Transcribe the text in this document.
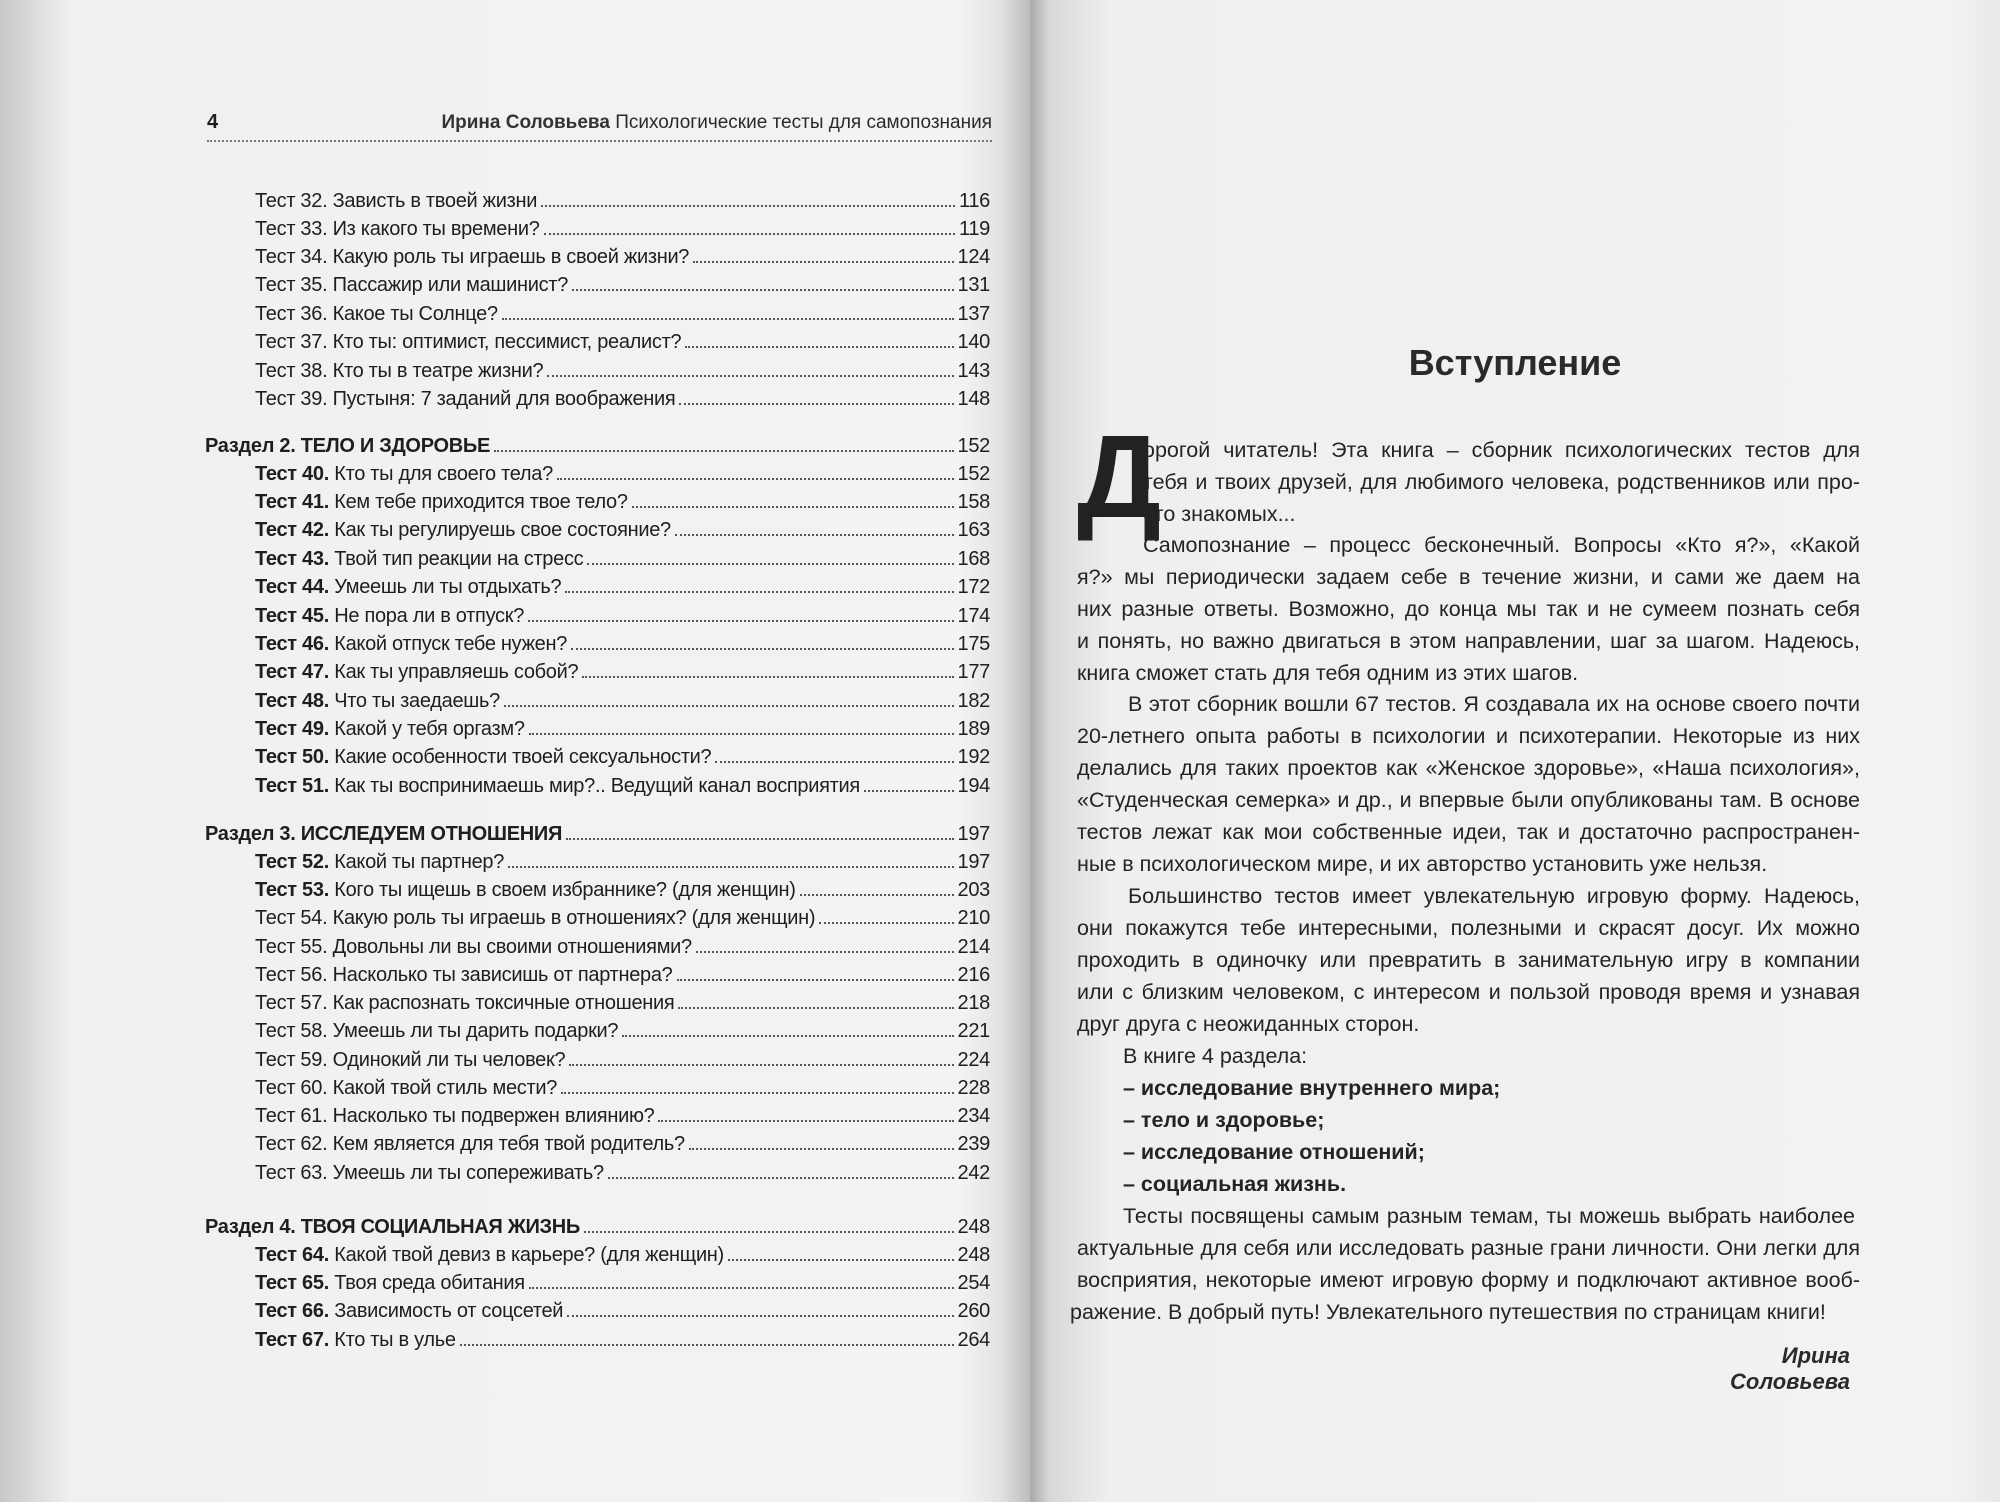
4	Ирина Соловьева Психологические тесты для самопознания
Тест 32. Зависть в твоей жизни	116
Тест 33. Из какого ты времени?	119
Тест 34. Какую роль ты играешь в своей жизни?	124
Тест 35. Пассажир или машинист?	131
Тест 36. Какое ты Солнце?	137
Тест 37. Кто ты: оптимист, пессимист, реалист?	140
Тест 38. Кто ты в театре жизни?	143
Тест 39. Пустыня: 7 заданий для воображения	148
Раздел 2. ТЕЛО И ЗДОРОВЬЕ	152
Тест 40. Кто ты для своего тела?	152
Тест 41. Кем тебе приходится твое тело?	158
Тест 42. Как ты регулируешь свое состояние?	163
Тест 43. Твой тип реакции на стресс	168
Тест 44. Умеешь ли ты отдыхать?	172
Тест 45. Не пора ли в отпуск?	174
Тест 46. Какой отпуск тебе нужен?	175
Тест 47. Как ты управляешь собой?	177
Тест 48. Что ты заедаешь?	182
Тест 49. Какой у тебя оргазм?	189
Тест 50. Какие особенности твоей сексуальности?	192
Тест 51. Как ты воспринимаешь мир?.. Ведущий канал восприятия	194
Раздел 3. ИССЛЕДУЕМ ОТНОШЕНИЯ	197
Тест 52. Какой ты партнер?	197
Тест 53. Кого ты ищешь в своем избраннике? (для женщин)	203
Тест 54. Какую роль ты играешь в отношениях? (для женщин)	210
Тест 55. Довольны ли вы своими отношениями?	214
Тест 56. Насколько ты зависишь от партнера?	216
Тест 57. Как распознать токсичные отношения	218
Тест 58. Умеешь ли ты дарить подарки?	221
Тест 59. Одинокий ли ты человек?	224
Тест 60. Какой твой стиль мести?	228
Тест 61. Насколько ты подвержен влиянию?	234
Тест 62. Кем является для тебя твой родитель?	239
Тест 63. Умеешь ли ты сопереживать?	242
Раздел 4. ТВОЯ СОЦИАЛЬНАЯ ЖИЗНЬ	248
Тест 64. Какой твой девиз в карьере? (для женщин)	248
Тест 65. Твоя среда обитания	254
Тест 66. Зависимость от соцсетей	260
Тест 67. Кто ты в улье	264
Вступление
Д
орогой читатель! Эта книга – сборник психологических тестов для
тебя и твоих друзей, для любимого человека, родственников или про-
сто знакомых...
Самопознание – процесс бесконечный. Вопросы «Кто я?», «Какой
я?» мы периодически задаем себе в течение жизни, и сами же даем на
них разные ответы. Возможно, до конца мы так и не сумеем познать себя
и понять, но важно двигаться в этом направлении, шаг за шагом. Надеюсь,
книга сможет стать для тебя одним из этих шагов.
В этот сборник вошли 67 тестов. Я создавала их на основе своего почти
20-летнего опыта работы в психологии и психотерапии. Некоторые из них
делались для таких проектов как «Женское здоровье», «Наша психология»,
«Студенческая семерка» и др., и впервые были опубликованы там. В основе
тестов лежат как мои собственные идеи, так и достаточно распространен-
ные в психологическом мире, и их авторство установить уже нельзя.
Большинство тестов имеет увлекательную игровую форму. Надеюсь,
они покажутся тебе интересными, полезными и скрасят досуг. Их можно
проходить в одиночку или превратить в занимательную игру в компании
или с близким человеком, с интересом и пользой проводя время и узнавая
друг друга с неожиданных сторон.
В книге 4 раздела:
– исследование внутреннего мира;
– тело и здоровье;
– исследование отношений;
– социальная жизнь.
Тесты посвящены самым разным темам, ты можешь выбрать наиболее
актуальные для себя или исследовать разные грани личности. Они легки для
восприятия, некоторые имеют игровую форму и подключают активное вооб-
ражение. В добрый путь! Увлекательного путешествия по страницам книги!
Ирина Соловьева
